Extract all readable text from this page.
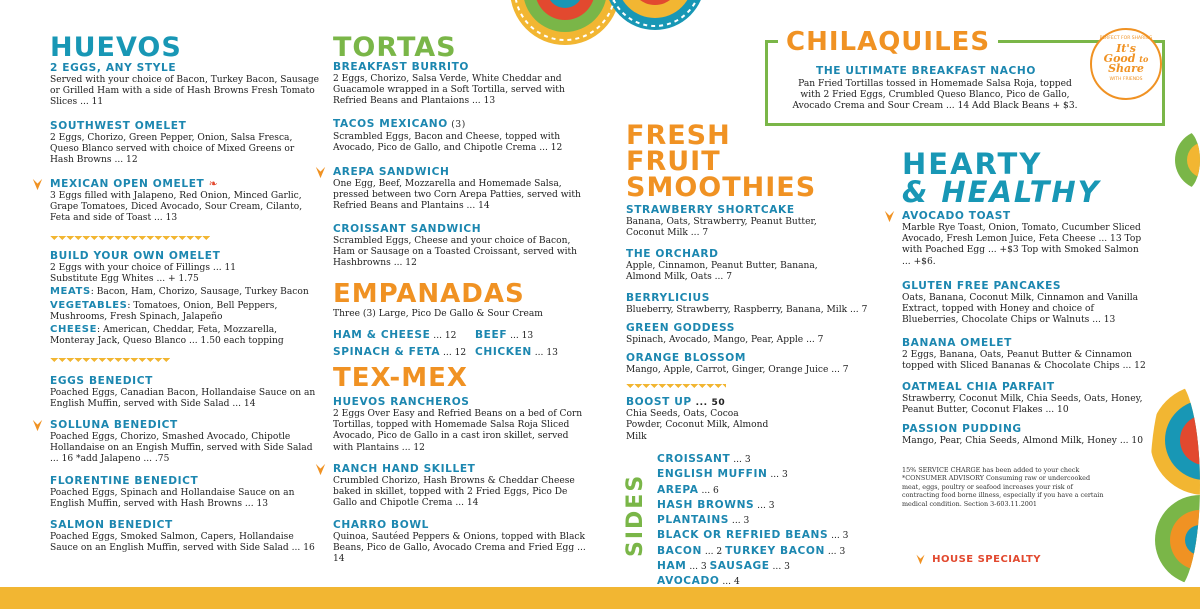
HUEVOS

2 EGGS, ANY STYLE

Served with your choice of Bacon, Turkey Bacon, Sausage or Grilled Ham with a side of Hash Browns Fresh Tomato Slices ... 11

SOUTHWEST OMELET

2 Eggs, Chorizo, Green Pepper, Onion, Salsa Fresca, Queso Blanco served with choice of Mixed Greens or Hash Browns ... 12

MEXICAN OPEN OMELET ❧

3 Eggs filled with Jalapeno, Red Onion, Minced Garlic, Grape Tomatoes, Diced Avocado, Sour Cream, Cilanto, Feta and side of Toast ... 13

BUILD YOUR OWN OMELET

2 Eggs with your choice of Fillings ... 11

Substitute Egg Whites ... + 1.75

MEATS: Bacon, Ham, Chorizo, Sausage, Turkey Bacon

VEGETABLES: Tomatoes, Onion, Bell Peppers, Mushrooms, Fresh Spinach, Jalapeño

CHEESE: American, Cheddar, Feta, Mozzarella, Monteray Jack, Queso Blanco ... 1.50 each topping

EGGS BENEDICT

Poached Eggs, Canadian Bacon, Hollandaise Sauce on an English Muffin, served with Side Salad ... 14

SOLLUNA BENEDICT

Poached Eggs, Chorizo, Smashed Avocado, Chipotle Hollandaise on an Engish Muffin, served with Side Salad ... 16 *add Jalapeno ... .75

FLORENTINE BENEDICT

Poached Eggs, Spinach and Hollandaise Sauce on an English Muffin, served with Hash Browns ... 13

SALMON BENEDICT

Poached Eggs, Smoked Salmon, Capers, Hollandaise Sauce on an English Muffin, served with Side Salad ... 16

TORTAS

BREAKFAST BURRITO

2 Eggs, Chorizo, Salsa Verde, White Cheddar and Guacamole wrapped in a Soft Tortilla, served with Refried Beans and Plantaions ... 13

TACOS MEXICANO (3)

Scrambled Eggs, Bacon and Cheese, topped with Avocado, Pico de Gallo, and Chipotle Crema ... 12

AREPA SANDWICH

One Egg, Beef, Mozzarella and Homemade Salsa, pressed between two Corn Arepa Patties, served with Refried Beans and Plantains ... 14

CROISSANT SANDWICH

Scrambled Eggs, Cheese and your choice of Bacon, Ham or Sausage on a Toasted Croissant, served with Hashbrowns ... 12

EMPANADAS

Three (3) Large, Pico De Gallo & Sour Cream

HAM & CHEESE ... 12 BEEF ... 13
SPINACH & FETA ... 12 CHICKEN ... 13
TEX-MEX

HUEVOS RANCHEROS

2 Eggs Over Easy and Refried Beans on a bed of Corn Tortillas, topped with Homemade Salsa Roja Sliced Avocado, Pico de Gallo in a cast iron skillet, served with Plantains ... 12

RANCH HAND SKILLET

Crumbled Chorizo, Hash Browns & Cheddar Cheese baked in skillet, topped with 2 Fried Eggs, Pico De Gallo and Chipotle Crema ... 14

CHARRO BOWL

Quinoa, Sautéed Peppers & Onions, topped with Black Beans, Pico de Gallo, Avocado Crema and Fried Egg ... 14

CHILAQUILES

THE ULTIMATE BREAKFAST NACHO

Pan Fried Tortillas tossed in Homemade Salsa Roja, topped with 2 Fried Eggs, Crumbled Queso Blanco, Pico de Gallo, Avocado Crema and Sour Cream ... 14 Add Black Beans + $3.

PERFECT FOR SHARING
It's
Good to
Share
WITH FRIENDS
FRESH
FRUIT
SMOOTHIES

STRAWBERRY SHORTCAKE

Banana, Oats, Strawberry, Peanut Butter, Coconut Milk ... 7

THE ORCHARD

Apple, Cinnamon, Peanut Butter, Banana, Almond Milk, Oats ... 7

BERRYLICIUS

Blueberry, Strawberry, Raspberry, Banana, Milk ... 7

GREEN GODDESS

Spinach, Avocado, Mango, Pear, Apple ... 7

ORANGE BLOSSOM

Mango, Apple, Carrot, Ginger, Orange Juice ... 7

BOOST UP ... 50

Chia Seeds, Oats, Cocoa Powder, Coconut Milk, Almond Milk

SIDES

CROISSANT ... 3

ENGLISH MUFFIN ... 3

AREPA ... 6

HASH BROWNS ... 3

PLANTAINS ... 3

BLACK OR REFRIED BEANS ... 3

BACON ... 2 TURKEY BACON ... 3

HAM ... 3 SAUSAGE ... 3

AVOCADO ... 4

HEARTY
& HEALTHY

AVOCADO TOAST

Marble Rye Toast, Onion, Tomato, Cucumber Sliced Avocado, Fresh Lemon Juice, Feta Cheese ... 13 Top with Poached Egg ... +$3 Top with Smoked Salmon ... +$6.

GLUTEN FREE PANCAKES

Oats, Banana, Coconut Milk, Cinnamon and Vanilla Extract, topped with Honey and choice of Blueberries, Chocolate Chips or Walnuts ... 13

BANANA OMELET

2 Eggs, Banana, Oats, Peanut Butter & Cinnamon topped with Sliced Bananas & Chocolate Chips ... 12

OATMEAL CHIA PARFAIT

Strawberry, Coconut Milk, Chia Seeds, Oats, Honey, Peanut Butter, Coconut Flakes ... 10

PASSION PUDDING

Mango, Pear, Chia Seeds, Almond Milk, Honey ... 10

15% SERVICE CHARGE has been added to your check *CONSUMER ADVISORY Consuming raw or undercooked meat, eggs, poultry or seafood increases your risk of contracting food borne illness, especially if you have a certain medical condition. Section 3-603.11.2001

HOUSE SPECIALTY
